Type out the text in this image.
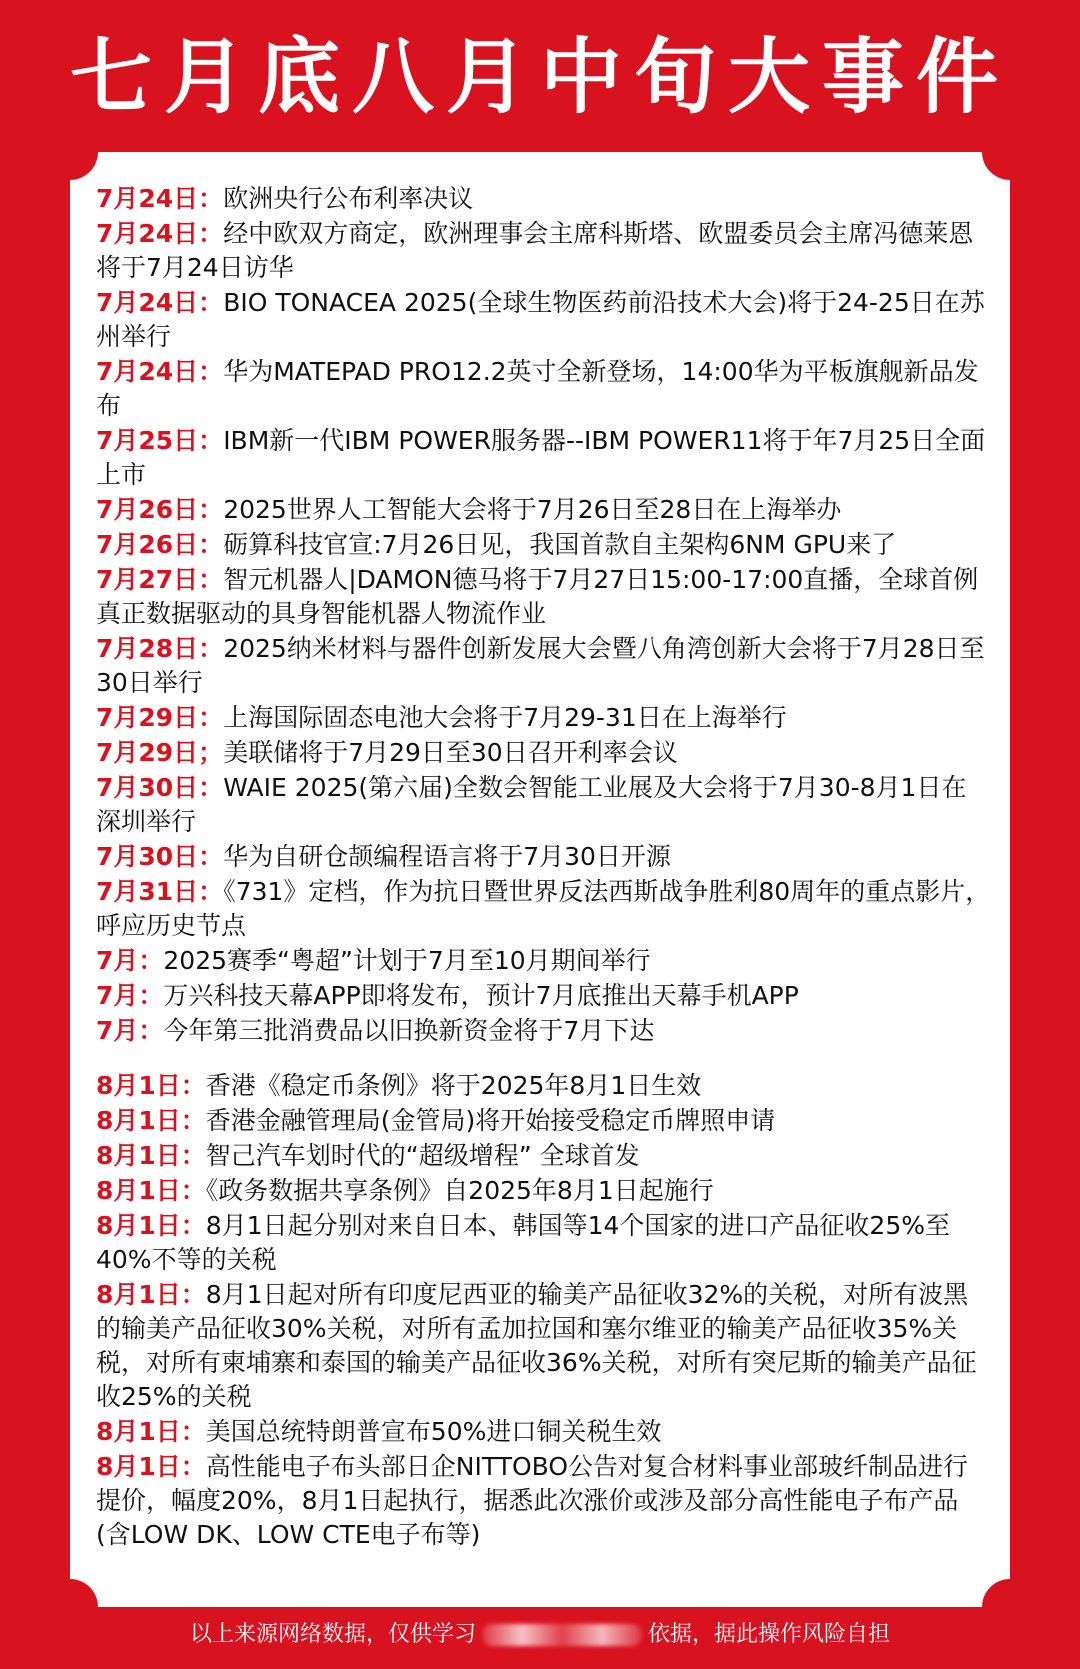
七月底八月中旬大事件
7月24日：欧洲央行公布利率决议
7月24日：经中欧双方商定，欧洲理事会主席科斯塔、欧盟委员会主席冯德莱恩将于7月24日访华
7月24日：BIO TONACEA 2025(全球生物医药前沿技术大会)将于24-25日在苏州举行
7月24日：华为MATEPAD PRO12.2英寸全新登场，14:00华为平板旗舰新品发布
7月25日：IBM新一代IBM POWER服务器--IBM POWER11将于年7月25日全面上市
7月26日：2025世界人工智能大会将于7月26日至28日在上海举办
7月26日：砺算科技官宣:7月26日见，我国首款自主架构6NM GPU来了
7月27日：智元机器人|DAMON德马将于7月27日15:00-17:00直播，全球首例真正数据驱动的具身智能机器人物流作业
7月28日：2025纳米材料与器件创新发展大会暨八角湾创新大会将于7月28日至30日举行
7月29日：上海国际固态电池大会将于7月29-31日在上海举行
7月29日；美联储将于7月29日至30日召开利率会议
7月30日：WAIE 2025(第六届)全数会智能工业展及大会将于7月30-8月1日在深圳举行
7月30日：华为自研仓颉编程语言将于7月30日开源
7月31日：《731》定档，作为抗日暨世界反法西斯战争胜利80周年的重点影片，呼应历史节点
7月：2025赛季“粤超”计划于7月至10月期间举行
7月：万兴科技天幕APP即将发布，预计7月底推出天幕手机APP
7月：今年第三批消费品以旧换新资金将于7月下达
8月1日：香港《稳定币条例》将于2025年8月1日生效
8月1日：香港金融管理局(金管局)将开始接受稳定币牌照申请
8月1日：智己汽车划时代的“超级增程” 全球首发
8月1日：《政务数据共享条例》自2025年8月1日起施行
8月1日：8月1日起分别对来自日本、韩国等14个国家的进口产品征收25%至40%不等的关税
8月1日：8月1日起对所有印度尼西亚的输美产品征收32%的关税，对所有波黑的输美产品征收30%关税，对所有孟加拉国和塞尔维亚的输美产品征收35%关税，对所有柬埔寨和泰国的输美产品征收36%关税，对所有突尼斯的输美产品征收25%的关税
8月1日：美国总统特朗普宣布50%进口铜关税生效
8月1日：高性能电子布头部日企NITTOBO公告对复合材料事业部玻纤制品进行提价，幅度20%，8月1日起执行，据悉此次涨价或涉及部分高性能电子布产品(含LOW DK、LOW CTE电子布等)
以上来源网络数据，仅供学习	依据，据此操作风险自担
